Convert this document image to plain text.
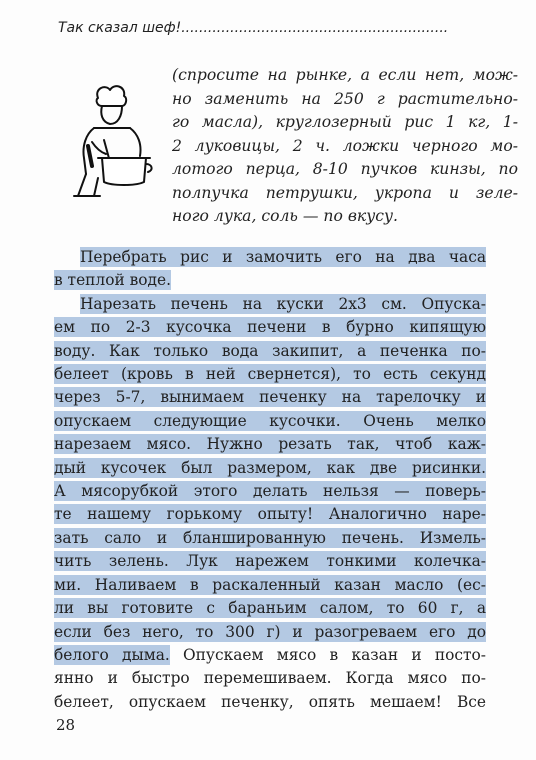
Так сказал шеф!............................................................
(спросите на рынке, а если нет, мож-
но заменить на 250 г растительно-
го масла), круглозерный рис 1 кг, 1-
2 луковицы, 2 ч. ложки черного мо-
лотого перца, 8-10 пучков кинзы, по
полпучка петрушки, укропа и зеле-
ного лука, соль — по вкусу.
Перебрать рис и замочить его на два часа
в теплой воде.
Нарезать печень на куски 2х3 см. Опуска-
ем по 2-3 кусочка печени в бурно кипящую
воду. Как только вода закипит, а печенка по-
белеет (кровь в ней свернется), то есть секунд
через 5-7, вынимаем печенку на тарелочку и
опускаем следующие кусочки. Очень мелко
нарезаем мясо. Нужно резать так, чтоб каж-
дый кусочек был размером, как две рисинки.
А мясорубкой этого делать нельзя — поверь-
те нашему горькому опыту! Аналогично наре-
зать сало и бланшированную печень. Измель-
чить зелень. Лук нарежем тонкими колечка-
ми. Наливаем в раскаленный казан масло (ес-
ли вы готовите с бараньим салом, то 60 г, а
если без него, то 300 г) и разогреваем его до
белого дыма. Опускаем мясо в казан и посто-
янно и быстро перемешиваем. Когда мясо по-
белеет, опускаем печенку, опять мешаем! Все
28
